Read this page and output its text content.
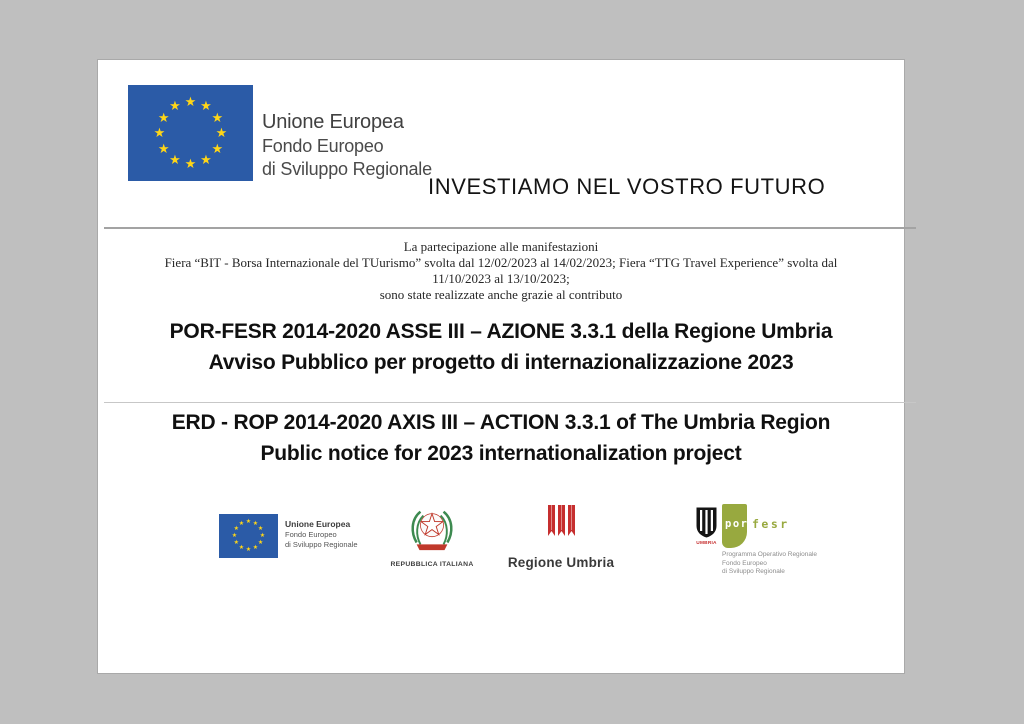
★ ★
★
★
★
★
★
★
★
★
★
★
Unione Europea
Fondo Europeo
di Sviluppo Regionale
INVESTIAMO NEL VOSTRO FUTURO
La partecipazione alle manifestazioni
Fiera “BIT - Borsa Internazionale del TUurismo” svolta dal 12/02/2023 al 14/02/2023; Fiera “TTG Travel Experience” svolta dal
11/10/2023 al 13/10/2023;
sono state realizzate anche grazie al contributo
POR-FESR 2014-2020 ASSE III – AZIONE 3.3.1 della Regione Umbria
Avviso Pubblico per progetto di internazionalizzazione 2023
ERD - ROP 2014-2020 AXIS III – ACTION 3.3.1 of The Umbria Region
Public notice for 2023 internationalization project
★ ★
★
★
★
★
★
★
★
★
★
★	Unione Europea
Fondo Europeo
di Sviluppo Regionale
REPUBBLICA ITALIANA	Regione Umbria
UMBRIA
por fesr
Programma Operativo Regionale
Fondo Europeo
di Sviluppo Regionale
